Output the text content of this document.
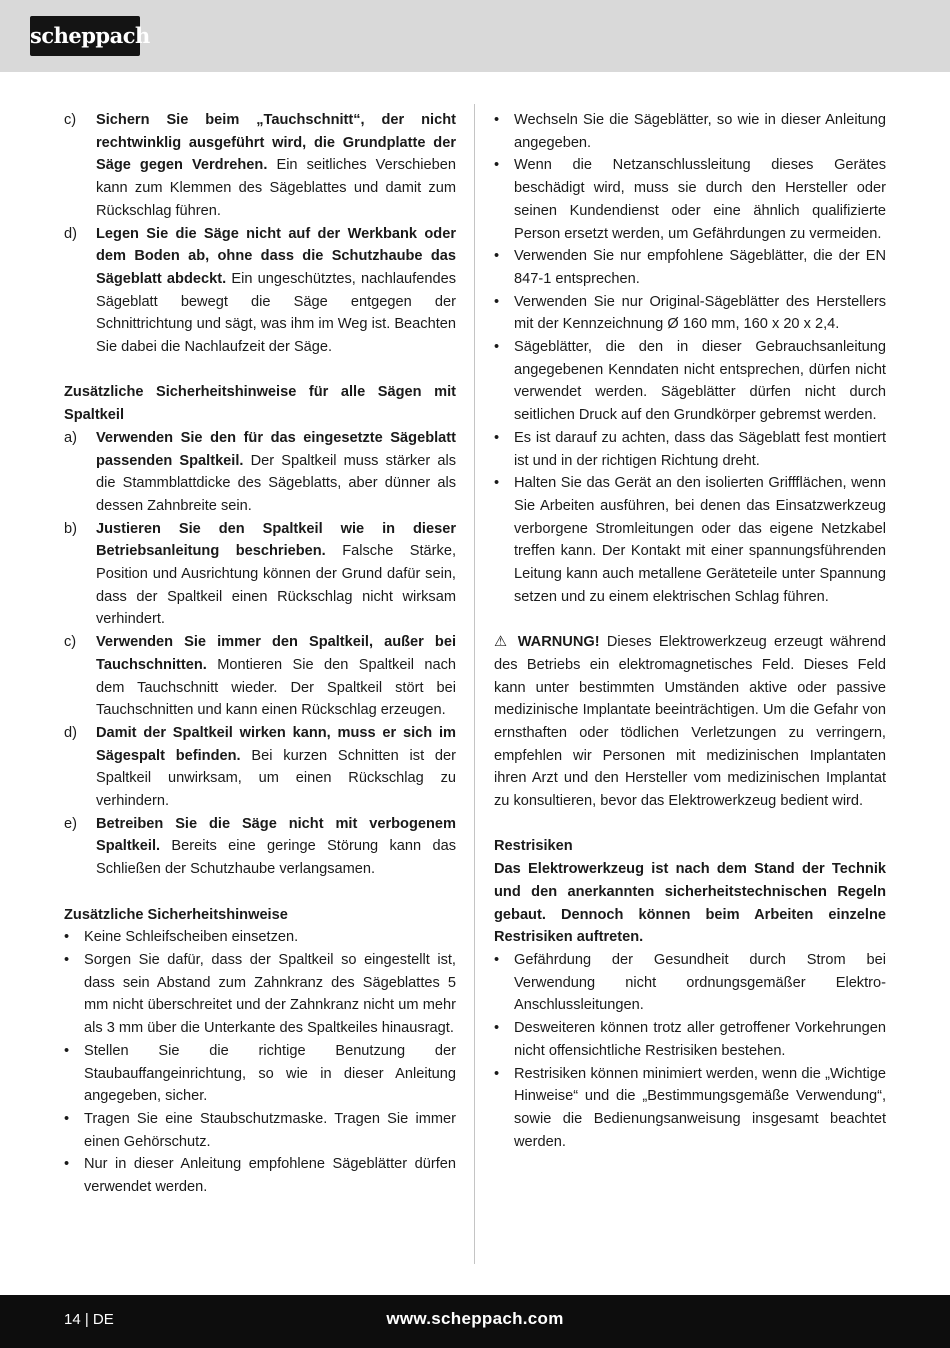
scheppach
c)	Sichern Sie beim „Tauchschnitt“, der nicht rechtwinklig ausgeführt wird, die Grundplatte der Säge gegen Verdrehen. Ein seitliches Verschieben kann zum Klemmen des Sägeblattes und damit zum Rückschlag führen.
d)	Legen Sie die Säge nicht auf der Werkbank oder dem Boden ab, ohne dass die Schutzhaube das Sägeblatt abdeckt. Ein ungeschütztes, nachlaufendes Sägeblatt bewegt die Säge entgegen der Schnittrichtung und sägt, was ihm im Weg ist. Beachten Sie dabei die Nachlaufzeit der Säge.

Zusätzliche Sicherheitshinweise für alle Sägen mit Spaltkeil

a)	Verwenden Sie den für das eingesetzte Sägeblatt passenden Spaltkeil. Der Spaltkeil muss stärker als die Stammblattdicke des Sägeblatts, aber dünner als dessen Zahnbreite sein.
b)	Justieren Sie den Spaltkeil wie in dieser Betriebsanleitung beschrieben. Falsche Stärke, Position und Ausrichtung können der Grund dafür sein, dass der Spaltkeil einen Rückschlag nicht wirksam verhindert.
c)	Verwenden Sie immer den Spaltkeil, außer bei Tauchschnitten. Montieren Sie den Spaltkeil nach dem Tauchschnitt wieder. Der Spaltkeil stört bei Tauchschnitten und kann einen Rückschlag erzeugen.
d)	Damit der Spaltkeil wirken kann, muss er sich im Sägespalt befinden. Bei kurzen Schnitten ist der Spaltkeil unwirksam, um einen Rückschlag zu verhindern.
e)	Betreiben Sie die Säge nicht mit verbogenem Spaltkeil. Bereits eine geringe Störung kann das Schließen der Schutzhaube verlangsamen.

Zusätzliche Sicherheitshinweise

•	Keine Schleifscheiben einsetzen.
•	Sorgen Sie dafür, dass der Spaltkeil so eingestellt ist, dass sein Abstand zum Zahnkranz des Sägeblattes 5 mm nicht überschreitet und der Zahnkranz nicht um mehr als 3 mm über die Unterkante des Spaltkeiles hinausragt.
•	Stellen Sie die richtige Benutzung der Staubauffangeinrichtung, so wie in dieser Anleitung angegeben, sicher.
•	Tragen Sie eine Staubschutzmaske. Tragen Sie immer einen Gehörschutz.
•	Nur in dieser Anleitung empfohlene Sägeblätter dürfen verwendet werden.
•	Wechseln Sie die Sägeblätter, so wie in dieser Anleitung angegeben.
•	Wenn die Netzanschlussleitung dieses Gerätes beschädigt wird, muss sie durch den Hersteller oder seinen Kundendienst oder eine ähnlich qualifizierte Person ersetzt werden, um Gefährdungen zu vermeiden.
•	Verwenden Sie nur empfohlene Sägeblätter, die der EN 847-1 entsprechen.
•	Verwenden Sie nur Original-Sägeblätter des Herstellers mit der Kennzeichnung Ø 160 mm, 160 x 20 x 2,4.
•	Sägeblätter, die den in dieser Gebrauchsanleitung angegebenen Kenndaten nicht entsprechen, dürfen nicht verwendet werden. Sägeblätter dürfen nicht durch seitlichen Druck auf den Grundkörper gebremst werden.
•	Es ist darauf zu achten, dass das Sägeblatt fest montiert ist und in der richtigen Richtung dreht.
•	Halten Sie das Gerät an den isolierten Griffflächen, wenn Sie Arbeiten ausführen, bei denen das Einsatzwerkzeug verborgene Stromleitungen oder das eigene Netzkabel treffen kann. Der Kontakt mit einer spannungsführenden Leitung kann auch metallene Geräteteile unter Spannung setzen und zu einem elektrischen Schlag führen.

⚠ WARNUNG! Dieses Elektrowerkzeug erzeugt während des Betriebs ein elektromagnetisches Feld. Dieses Feld kann unter bestimmten Umständen aktive oder passive medizinische Implantate beeinträchtigen. Um die Gefahr von ernsthaften oder tödlichen Verletzungen zu verringern, empfehlen wir Personen mit medizinischen Implantaten ihren Arzt und den Hersteller vom medizinischen Implantat zu konsultieren, bevor das Elektrowerkzeug bedient wird.

Restrisiken

Das Elektrowerkzeug ist nach dem Stand der Technik und den anerkannten sicherheitstechnischen Regeln gebaut. Dennoch können beim Arbeiten einzelne Restrisiken auftreten.

•	Gefährdung der Gesundheit durch Strom bei Verwendung nicht ordnungsgemäßer Elektro-Anschlussleitungen.
•	Desweiteren können trotz aller getroffener Vorkehrungen nicht offensichtliche Restrisiken bestehen.
•	Restrisiken können minimiert werden, wenn die „Wichtige Hinweise“ und die „Bestimmungsgemäße Verwendung“, sowie die Bedienungsanweisung insgesamt beachtet werden.
14 | DE	www.scheppach.com
